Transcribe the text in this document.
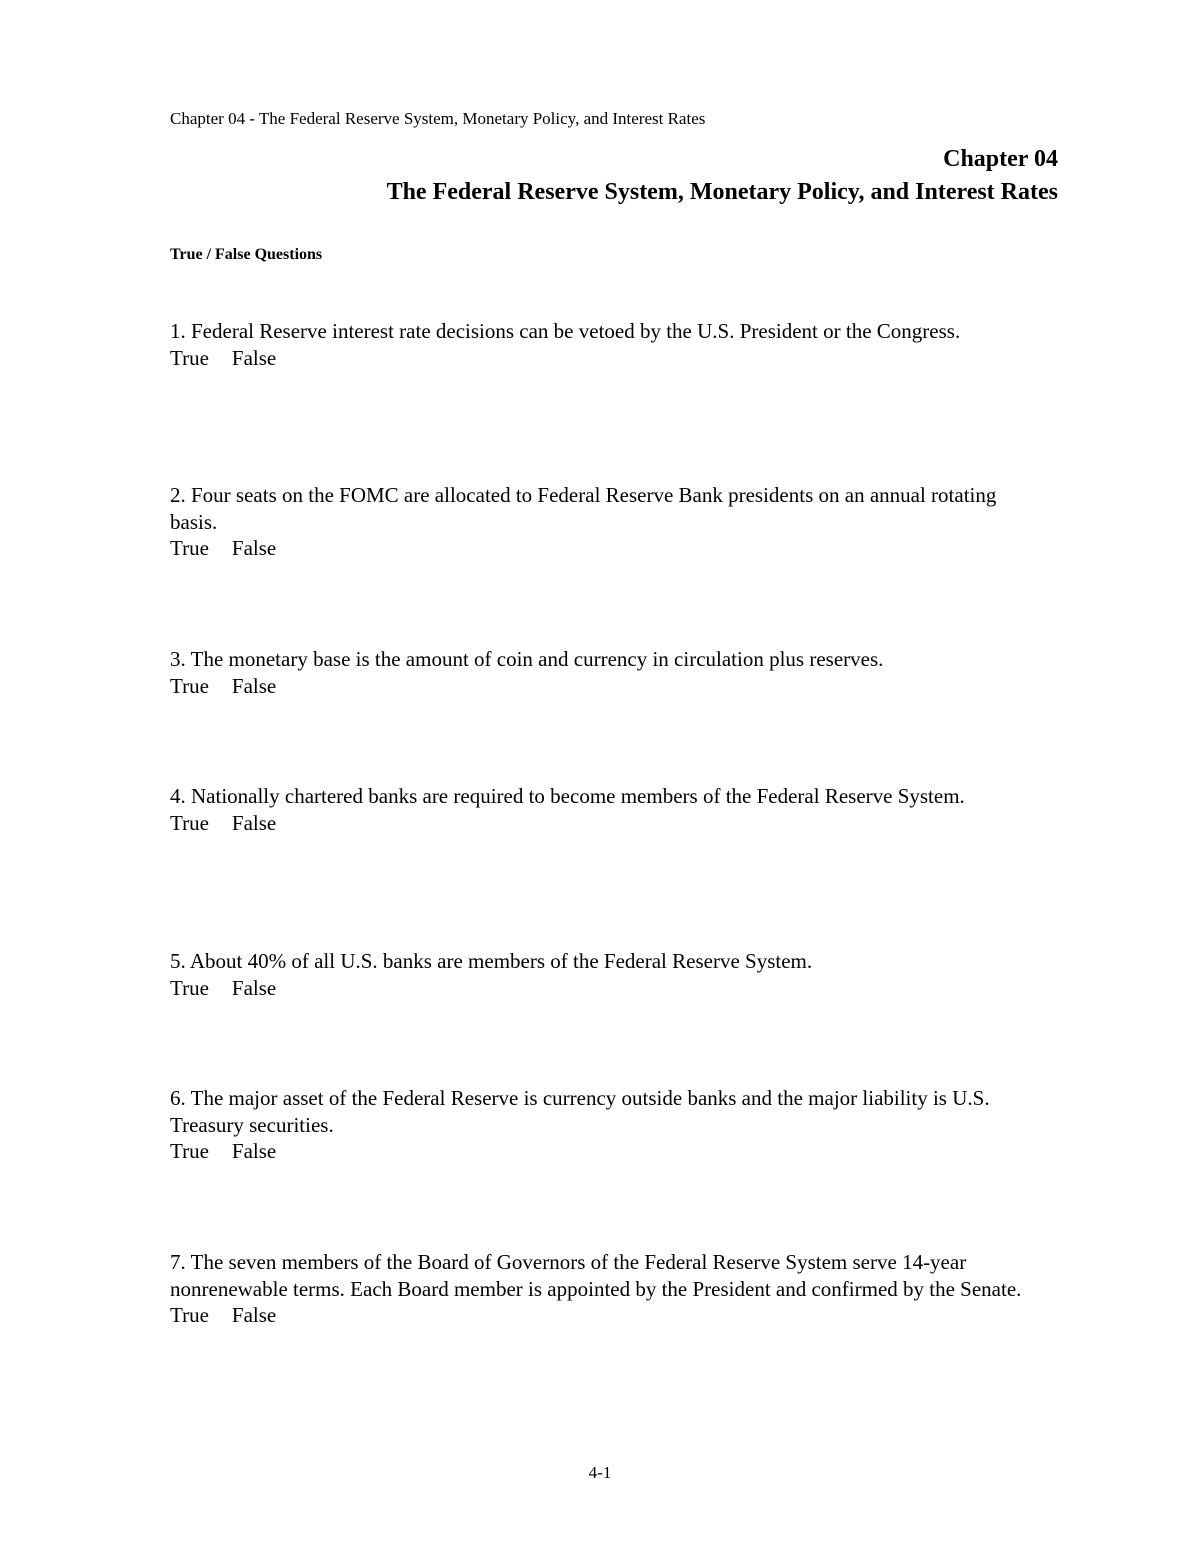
Chapter 04 - The Federal Reserve System, Monetary Policy, and Interest Rates
Chapter 04
The Federal Reserve System, Monetary Policy, and Interest Rates
True / False Questions
1. Federal Reserve interest rate decisions can be vetoed by the U.S. President or the Congress.
True False
2. Four seats on the FOMC are allocated to Federal Reserve Bank presidents on an annual rotating basis.
True False
3. The monetary base is the amount of coin and currency in circulation plus reserves.
True False
4. Nationally chartered banks are required to become members of the Federal Reserve System.
True False
5. About 40% of all U.S. banks are members of the Federal Reserve System.
True False
6. The major asset of the Federal Reserve is currency outside banks and the major liability is U.S. Treasury securities.
True False
7. The seven members of the Board of Governors of the Federal Reserve System serve 14-year nonrenewable terms. Each Board member is appointed by the President and confirmed by the Senate.
True False
4-1
